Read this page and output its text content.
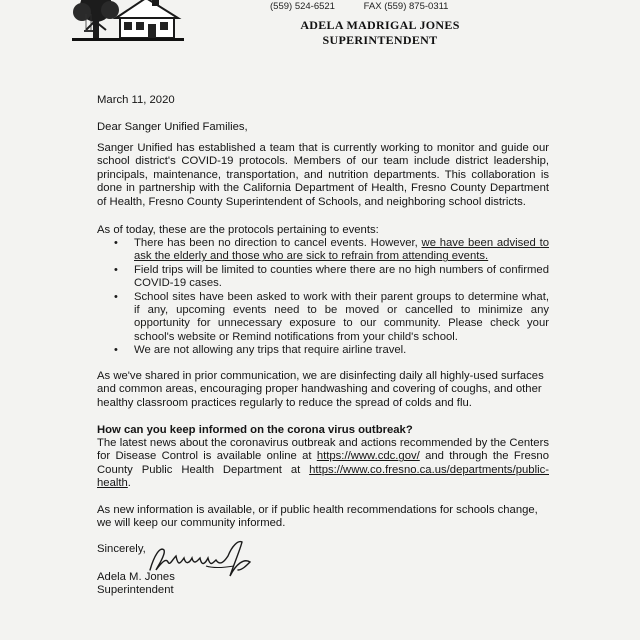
(559) 524-6521	FAX (559) 875-0311
ADELA MADRIGAL JONES
SUPERINTENDENT
March 11, 2020
Dear Sanger Unified Families,
Sanger Unified has established a team that is currently working to monitor and guide our school district's COVID-19 protocols. Members of our team include district leadership, principals, maintenance, transportation, and nutrition departments. This collaboration is done in partnership with the California Department of Health, Fresno County Department of Health, Fresno County Superintendent of Schools, and neighboring school districts.
As of today, these are the protocols pertaining to events:
• There has been no direction to cancel events. However, we have been advised to ask the elderly and those who are sick to refrain from attending events.
• Field trips will be limited to counties where there are no high numbers of confirmed COVID-19 cases.
• School sites have been asked to work with their parent groups to determine what, if any, upcoming events need to be moved or cancelled to minimize any opportunity for unnecessary exposure to our community. Please check your school's website or Remind notifications from your child's school.
• We are not allowing any trips that require airline travel.
As we've shared in prior communication, we are disinfecting daily all highly-used surfaces and common areas, encouraging proper handwashing and covering of coughs, and other healthy classroom practices regularly to reduce the spread of colds and flu.
How can you keep informed on the corona virus outbreak?
The latest news about the coronavirus outbreak and actions recommended by the Centers for Disease Control is available online at https://www.cdc.gov/ and through the Fresno County Public Health Department at https://www.co.fresno.ca.us/departments/public-health.
As new information is available, or if public health recommendations for schools change, we will keep our community informed.
Sincerely,
Adela M. Jones
Superintendent
